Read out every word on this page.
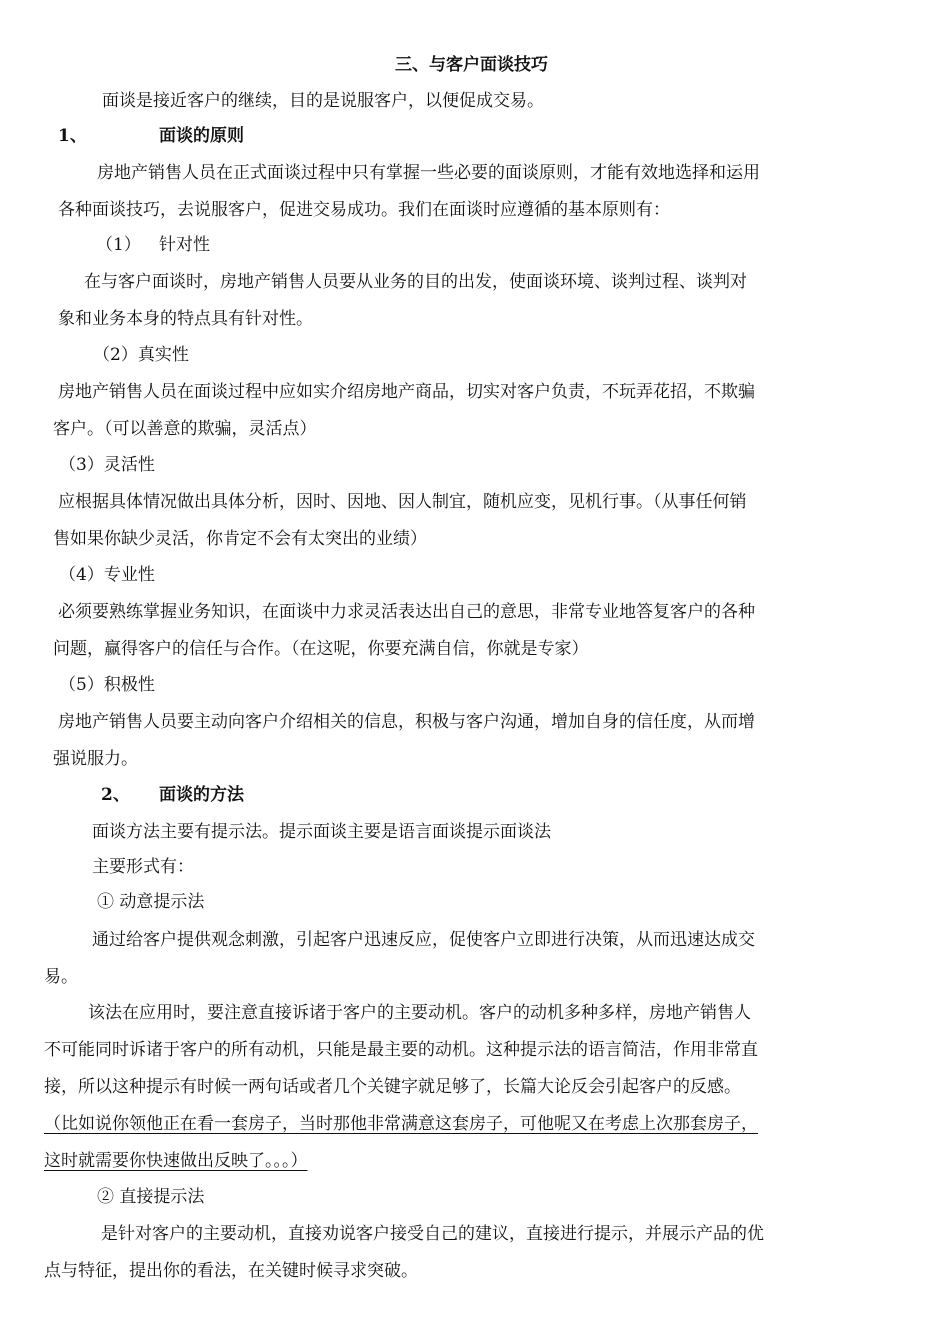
三、与客户面谈技巧
面谈是接近客户的继续，目的是说服客户，以便促成交易。
1、	面谈的原则
房地产销售人员在正式面谈过程中只有掌握一些必要的面谈原则，才能有效地选择和运用
各种面谈技巧，去说服客户，促进交易成功。我们在面谈时应遵循的基本原则有：
（1） 针对性
在与客户面谈时，房地产销售人员要从业务的目的出发，使面谈环境、谈判过程、谈判对
象和业务本身的特点具有针对性。
（2）真实性
房地产销售人员在面谈过程中应如实介绍房地产商品，切实对客户负责，不玩弄花招，不欺骗
客户。（可以善意的欺骗，灵活点）
（3）灵活性
应根据具体情况做出具体分析，因时、因地、因人制宜，随机应变，见机行事。（从事任何销
售如果你缺少灵活，你肯定不会有太突出的业绩）
（4）专业性
必须要熟练掌握业务知识，在面谈中力求灵活表达出自己的意思，非常专业地答复客户的各种
问题，赢得客户的信任与合作。（在这呢，你要充满自信，你就是专家）
（5）积极性
房地产销售人员要主动向客户介绍相关的信息，积极与客户沟通，增加自身的信任度，从而增
强说服力。
2、 面谈的方法
面谈方法主要有提示法。提示面谈主要是语言面谈提示面谈法
主要形式有：
① 动意提示法
通过给客户提供观念刺激，引起客户迅速反应，促使客户立即进行决策，从而迅速达成交
易。
该法在应用时，要注意直接诉诸于客户的主要动机。客户的动机多种多样，房地产销售人
不可能同时诉诸于客户的所有动机，只能是最主要的动机。这种提示法的语言简洁，作用非常直
接，所以这种提示有时候一两句话或者几个关键字就足够了，长篇大论反会引起客户的反感。
（比如说你领他正在看一套房子，当时那他非常满意这套房子，可他呢又在考虑上次那套房子，
这时就需要你快速做出反映了。。。）
② 直接提示法
是针对客户的主要动机，直接劝说客户接受自己的建议，直接进行提示，并展示产品的优
点与特征，提出你的看法，在关键时候寻求突破。
